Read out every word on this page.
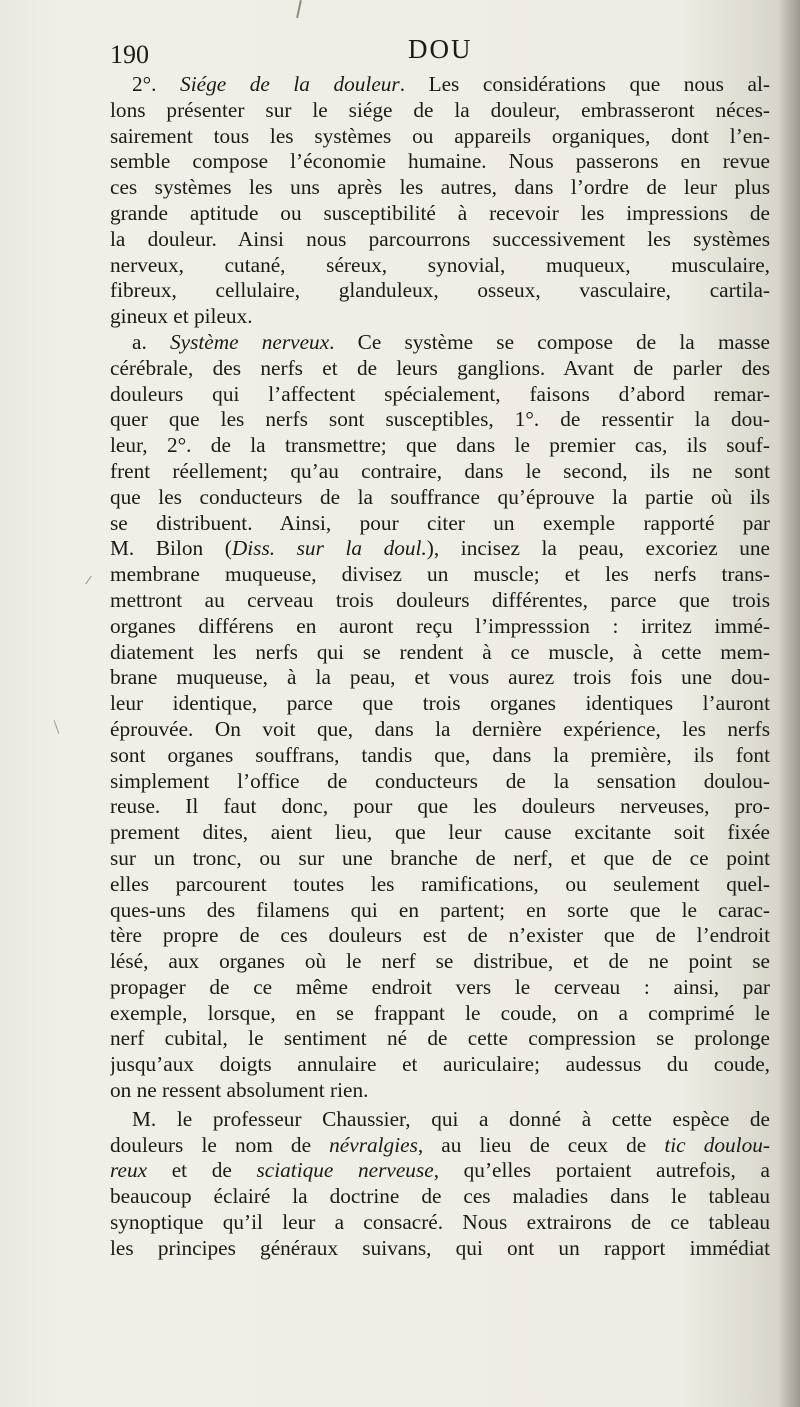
190	DOU
2°. Siége de la douleur. Les considérations que nous al-
lons présenter sur le siége de la douleur, embrasseront néces-
sairement tous les systèmes ou appareils organiques, dont l’en-
semble compose l’économie humaine. Nous passerons en revue
ces systèmes les uns après les autres, dans l’ordre de leur plus
grande aptitude ou susceptibilité à recevoir les impressions de
la douleur. Ainsi nous parcourrons successivement les systèmes
nerveux, cutané, séreux, synovial, muqueux, musculaire,
fibreux, cellulaire, glanduleux, osseux, vasculaire, cartila-
gineux et pileux.
a. Système nerveux. Ce système se compose de la masse
cérébrale, des nerfs et de leurs ganglions. Avant de parler des
douleurs qui l’affectent spécialement, faisons d’abord remar-
quer que les nerfs sont susceptibles, 1°. de ressentir la dou-
leur, 2°. de la transmettre; que dans le premier cas, ils souf-
frent réellement; qu’au contraire, dans le second, ils ne sont
que les conducteurs de la souffrance qu’éprouve la partie où ils
se distribuent. Ainsi, pour citer un exemple rapporté par
M. Bilon (Diss. sur la doul.), incisez la peau, excoriez une
membrane muqueuse, divisez un muscle; et les nerfs trans-
mettront au cerveau trois douleurs différentes, parce que trois
organes différens en auront reçu l’impresssion : irritez immé-
diatement les nerfs qui se rendent à ce muscle, à cette mem-
brane muqueuse, à la peau, et vous aurez trois fois une dou-
leur identique, parce que trois organes identiques l’auront
éprouvée. On voit que, dans la dernière expérience, les nerfs
sont organes souffrans, tandis que, dans la première, ils font
simplement l’office de conducteurs de la sensation doulou-
reuse. Il faut donc, pour que les douleurs nerveuses, pro-
prement dites, aient lieu, que leur cause excitante soit fixée
sur un tronc, ou sur une branche de nerf, et que de ce point
elles parcourent toutes les ramifications, ou seulement quel-
ques-uns des filamens qui en partent; en sorte que le carac-
tère propre de ces douleurs est de n’exister que de l’endroit
lésé, aux organes où le nerf se distribue, et de ne point se
propager de ce même endroit vers le cerveau : ainsi, par
exemple, lorsque, en se frappant le coude, on a comprimé le
nerf cubital, le sentiment né de cette compression se prolonge
jusqu’aux doigts annulaire et auriculaire; audessus du coude,
on ne ressent absolument rien.
M. le professeur Chaussier, qui a donné à cette espèce de
douleurs le nom de névralgies, au lieu de ceux de tic doulou-
reux et de sciatique nerveuse, qu’elles portaient autrefois, a
beaucoup éclairé la doctrine de ces maladies dans le tableau
synoptique qu’il leur a consacré. Nous extrairons de ce tableau
les principes généraux suivans, qui ont un rapport immédiat
